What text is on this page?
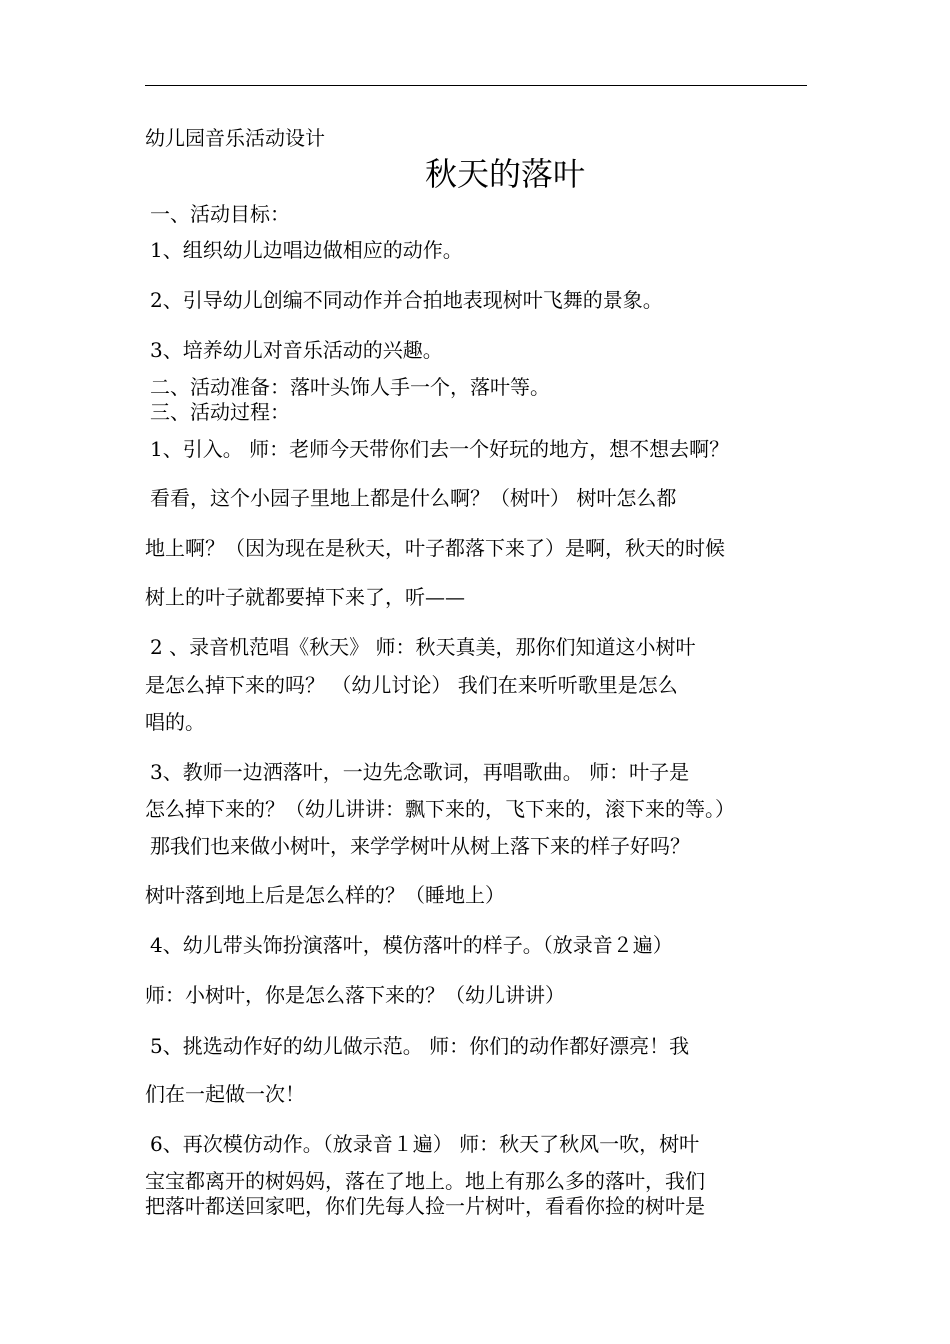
幼儿园音乐活动设计
秋天的落叶
一、活动目标：
1、组织幼儿边唱边做相应的动作。
2、引导幼儿创编不同动作并合拍地表现树叶飞舞的景象。
3、培养幼儿对音乐活动的兴趣。
二、活动准备：落叶头饰人手一个，落叶等。
三、活动过程：
1、引入。 师：老师今天带你们去一个好玩的地方，想不想去啊？
看看，这个小园子里地上都是什么啊？（树叶） 树叶怎么都
地上啊？（因为现在是秋天，叶子都落下来了）是啊，秋天的时候
树上的叶子就都要掉下来了，听——
2 、录音机范唱《秋天》 师：秋天真美，那你们知道这小树叶
是怎么掉下来的吗？ （幼儿讨论） 我们在来听听歌里是怎么
唱的。
3、教师一边洒落叶，一边先念歌词，再唱歌曲。 师：叶子是
怎么掉下来的？（幼儿讲讲：飘下来的，飞下来的，滚下来的等。）
那我们也来做小树叶，来学学树叶从树上落下来的样子好吗？
树叶落到地上后是怎么样的？（睡地上）
4、幼儿带头饰扮演落叶，模仿落叶的样子。（放录音２遍）
师：小树叶，你是怎么落下来的？（幼儿讲讲）
5、挑选动作好的幼儿做示范。 师：你们的动作都好漂亮！我
们在一起做一次！
6、再次模仿动作。（放录音１遍） 师：秋天了秋风一吹，树叶
宝宝都离开的树妈妈，落在了地上。地上有那么多的落叶，我们
把落叶都送回家吧，你们先每人捡一片树叶，看看你捡的树叶是
